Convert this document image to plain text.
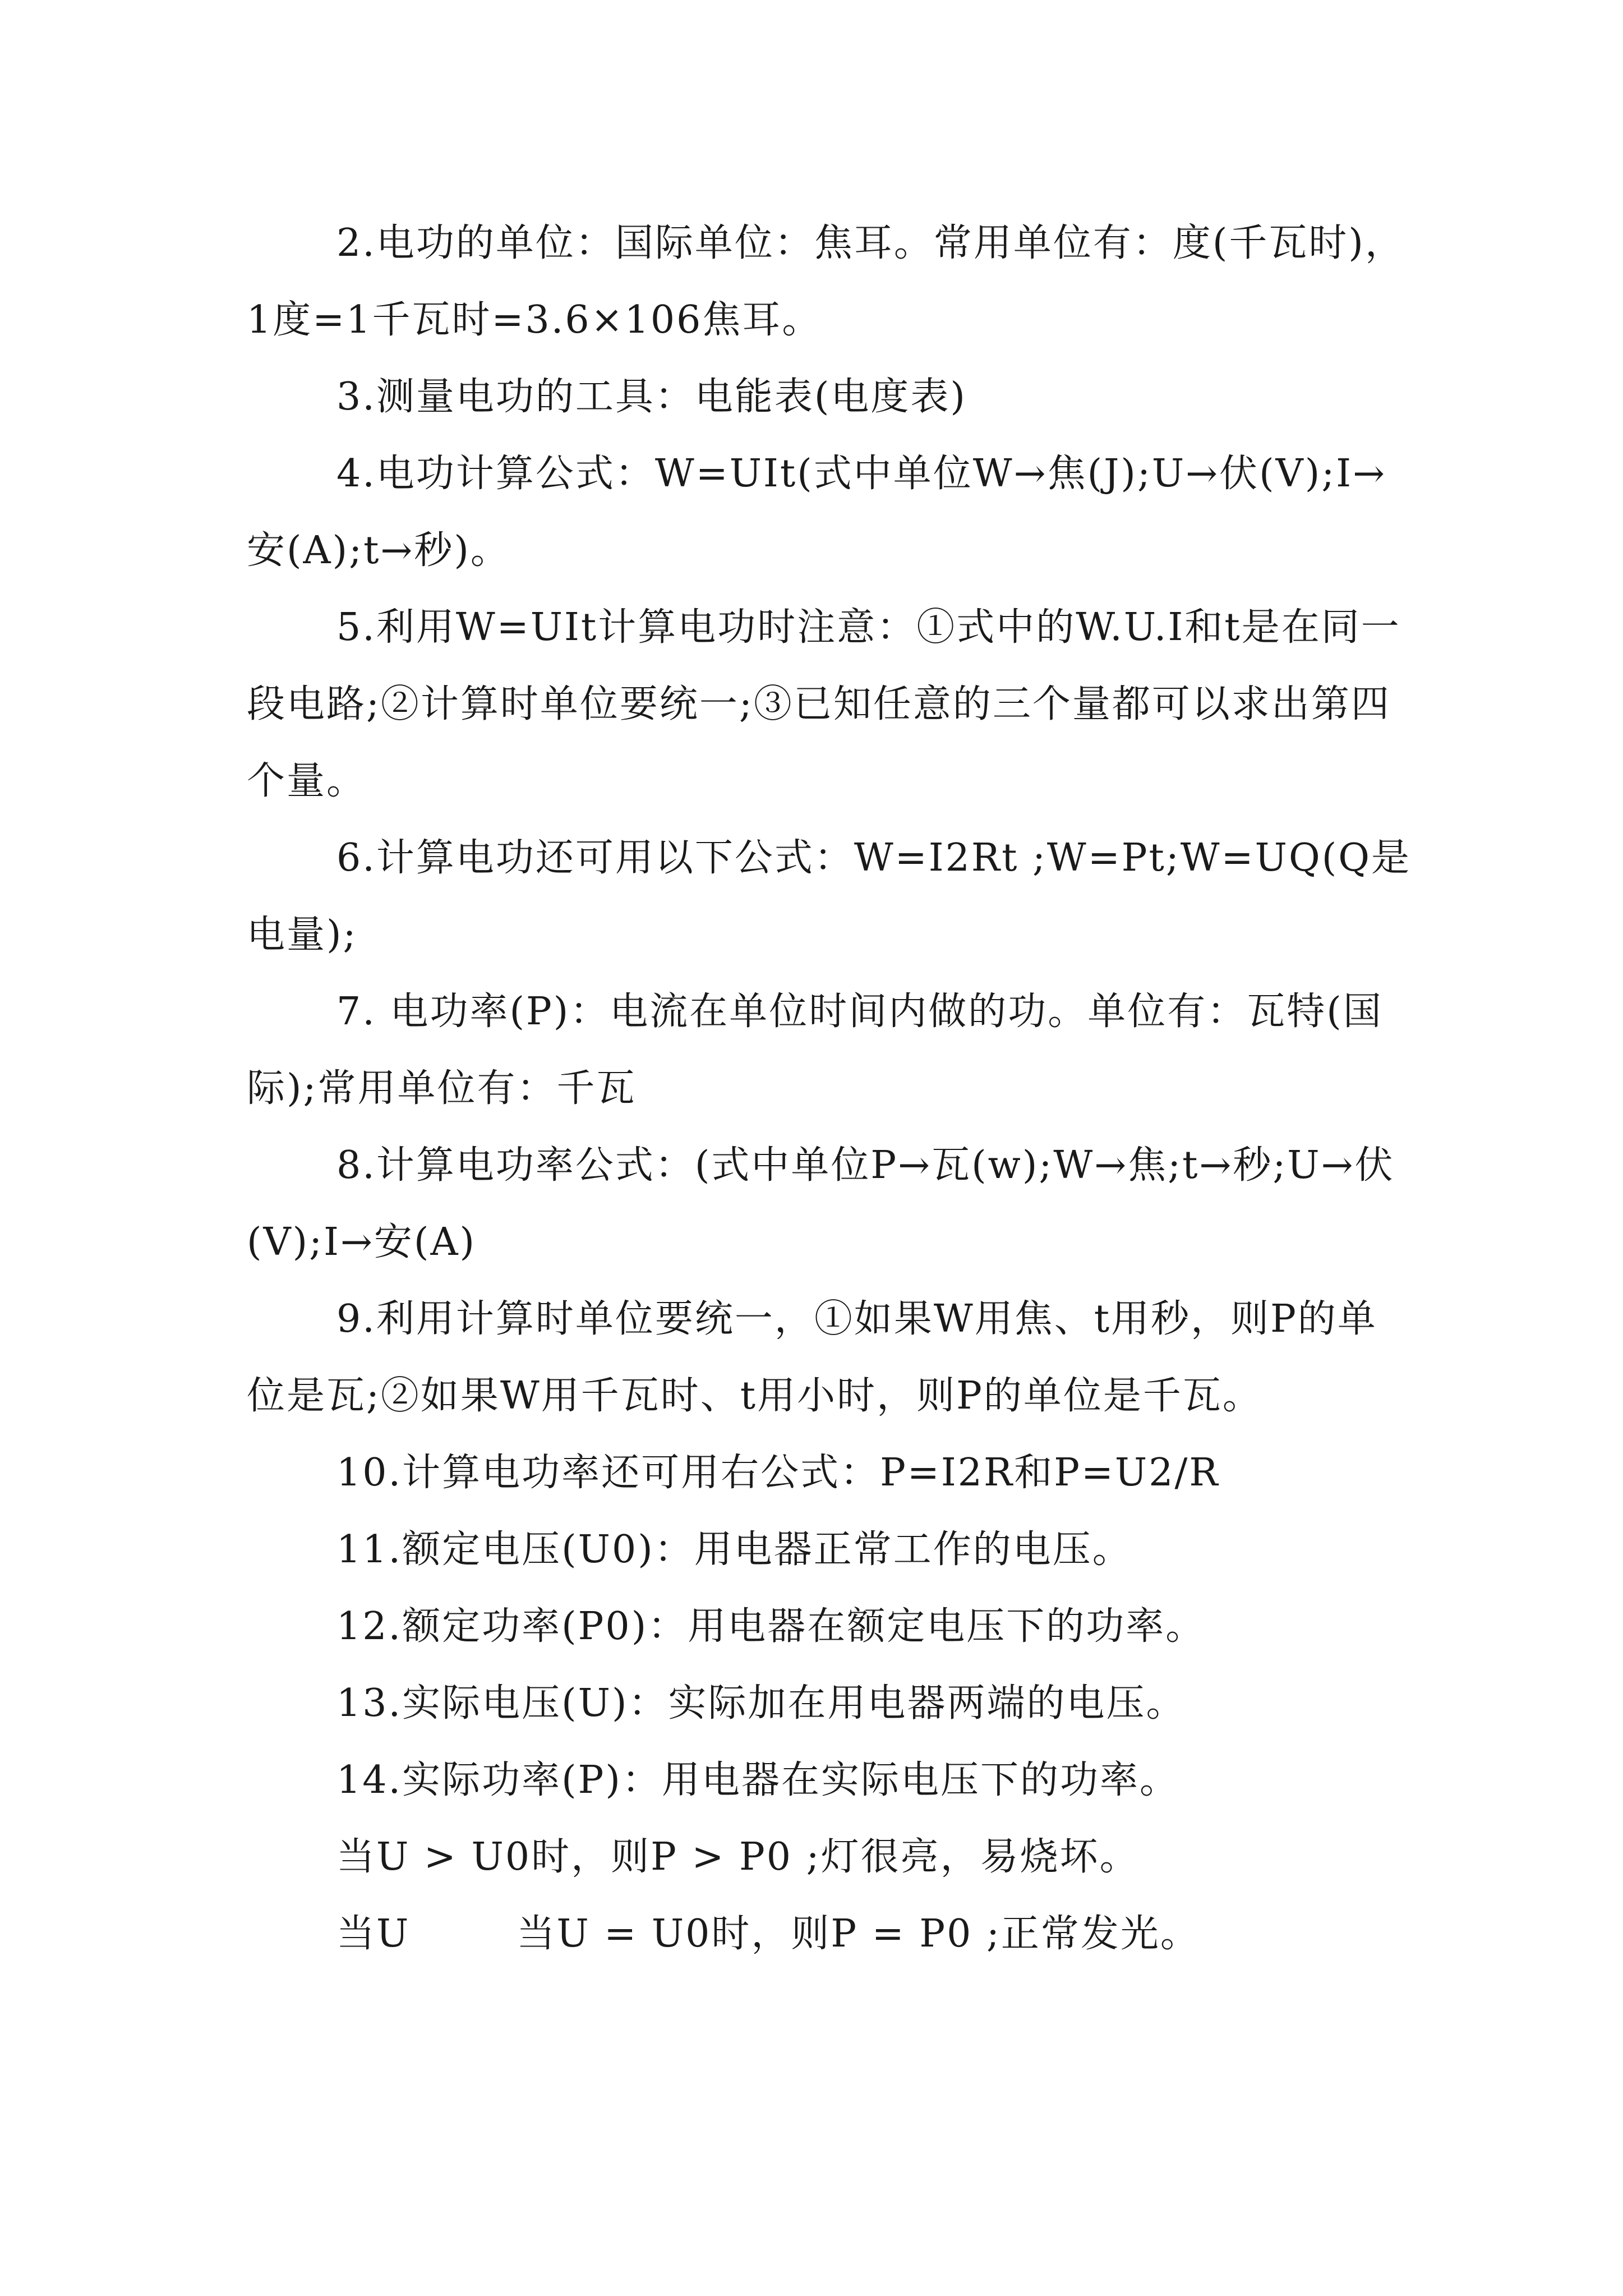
2.电功的单位：国际单位：焦耳。常用单位有：度(千瓦时)，1度=1千瓦时=3.6×106焦耳。

3.测量电功的工具：电能表(电度表)

4.电功计算公式：W=UIt(式中单位W→焦(J);U→伏(V);I→安(A);t→秒)。

5.利用W=UIt计算电功时注意：①式中的W.U.I和t是在同一段电路;②计算时单位要统一;③已知任意的三个量都可以求出第四个量。

6.计算电功还可用以下公式：W=I2Rt ;W=Pt;W=UQ(Q是电量);

7. 电功率(P)：电流在单位时间内做的功。单位有：瓦特(国际);常用单位有：千瓦

8.计算电功率公式：(式中单位P→瓦(w);W→焦;t→秒;U→伏(V);I→安(A)

9.利用计算时单位要统一，①如果W用焦、t用秒，则P的单位是瓦;②如果W用千瓦时、t用小时，则P的单位是千瓦。

10.计算电功率还可用右公式：P=I2R和P=U2/R

11.额定电压(U0)：用电器正常工作的电压。

12.额定功率(P0)：用电器在额定电压下的功率。

13.实际电压(U)：实际加在用电器两端的电压。

14.实际功率(P)：用电器在实际电压下的功率。

当U > U0时，则P > P0 ;灯很亮，易烧坏。

当U	当U = U0时，则P = P0 ;正常发光。
